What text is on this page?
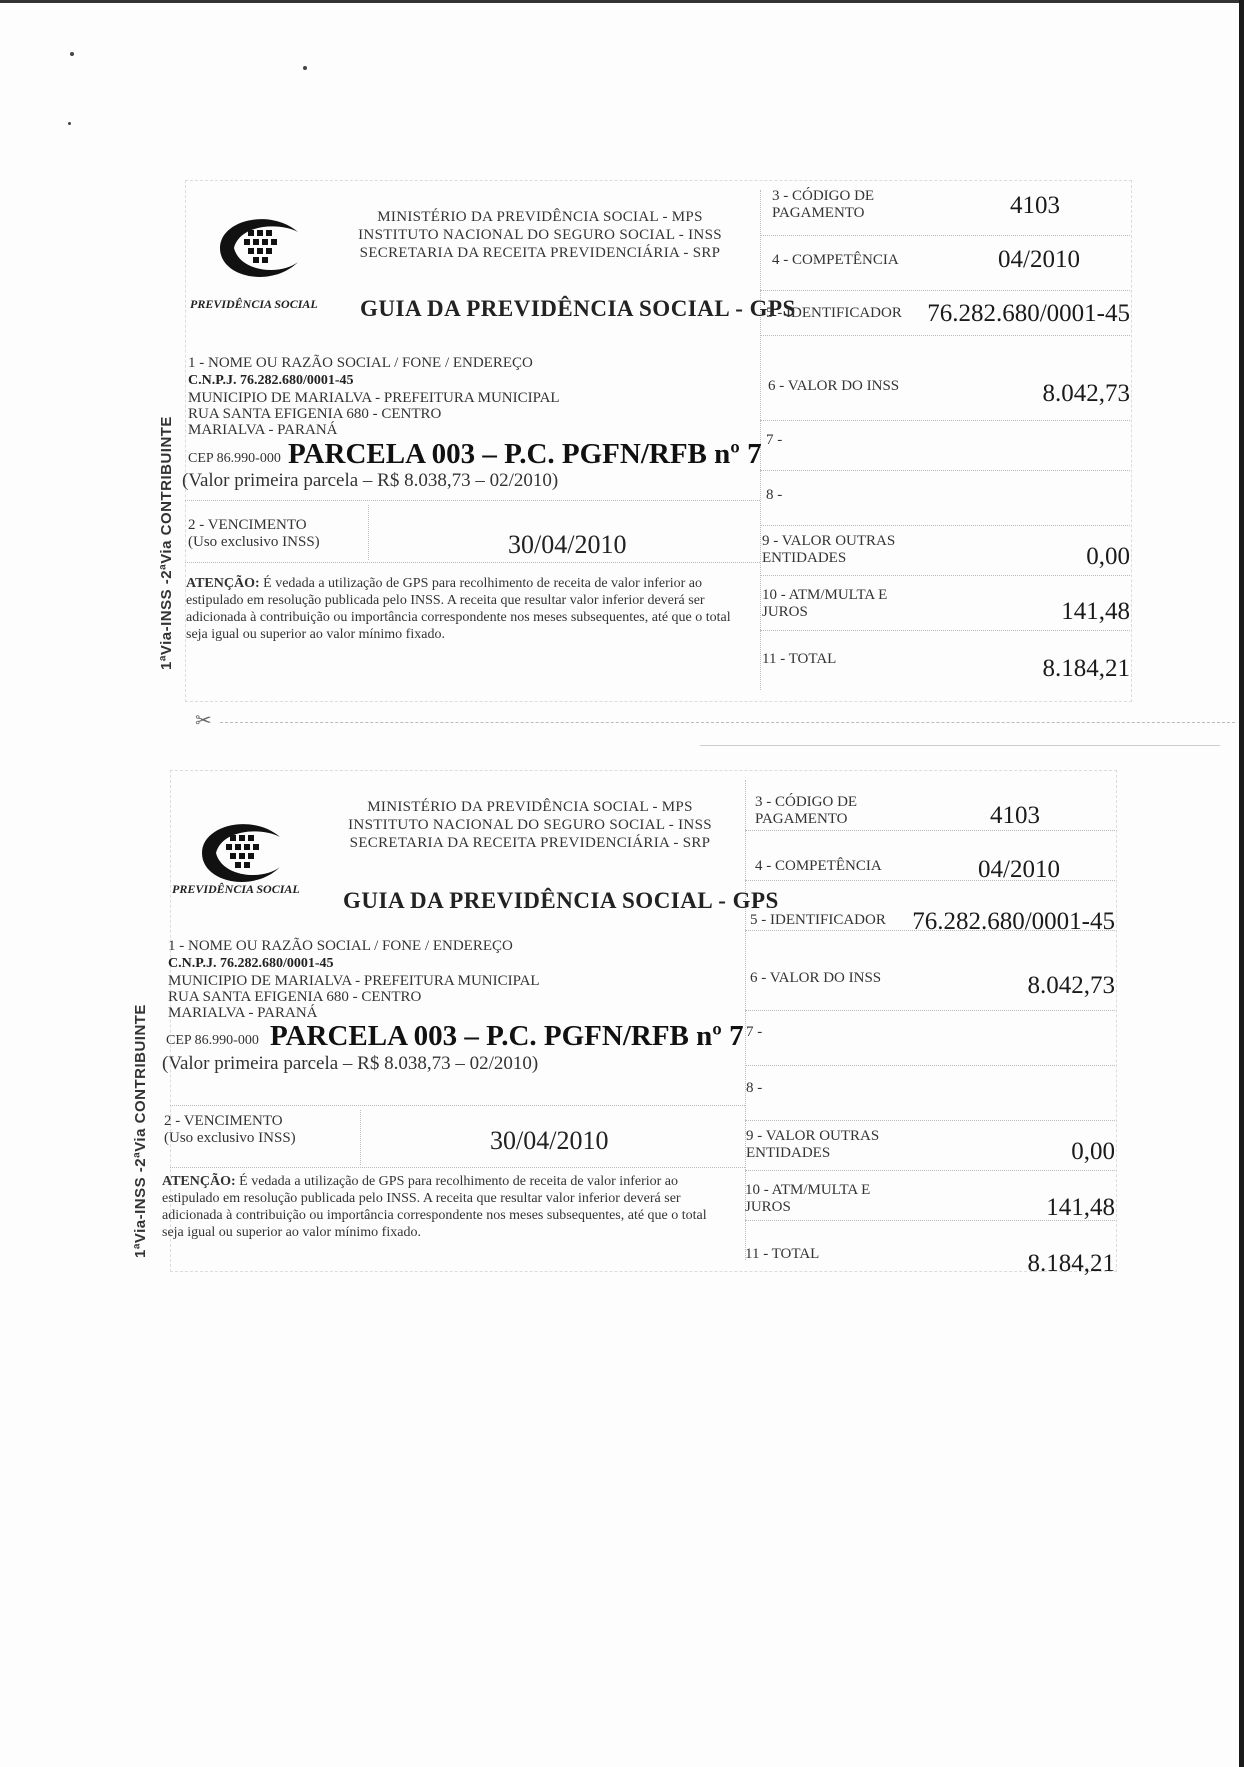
1ªVia-INSS -2ªVia CONTRIBUINTE
PREVIDÊNCIA SOCIAL
MINISTÉRIO DA PREVIDÊNCIA SOCIAL - MPS
INSTITUTO NACIONAL DO SEGURO SOCIAL - INSS
SECRETARIA DA RECEITA PREVIDENCIÁRIA - SRP
GUIA DA PREVIDÊNCIA SOCIAL - GPS
1 - NOME OU RAZÃO SOCIAL / FONE / ENDEREÇO
C.N.P.J. 76.282.680/0001-45
MUNICIPIO DE MARIALVA - PREFEITURA MUNICIPAL
RUA SANTA EFIGENIA 680 - CENTRO
MARIALVA - PARANÁ
CEP 86.990-000 PARCELA 003 – P.C. PGFN/RFB nº 7
(Valor primeira parcela – R$ 8.038,73 – 02/2010)
2 - VENCIMENTO
(Uso exclusivo INSS)	30/04/2010
ATENÇÃO: É vedada a utilização de GPS para recolhimento de receita de valor inferior ao estipulado em resolução publicada pelo INSS. A receita que resultar valor inferior deverá ser adicionada à contribuição ou importância correspondente nos meses subsequentes, até que o total seja igual ou superior ao valor mínimo fixado.
3 - CÓDIGO DE PAGAMENTO	4103
4 - COMPETÊNCIA	04/2010
5 - IDENTIFICADOR	76.282.680/0001-45
6 - VALOR DO INSS	8.042,73
7 -
8 -
9 - VALOR OUTRAS ENTIDADES	0,00
10 - ATM/MULTA E JUROS	141,48
11 - TOTAL	8.184,21
✂
1ªVia-INSS -2ªVia CONTRIBUINTE
PREVIDÊNCIA SOCIAL
MINISTÉRIO DA PREVIDÊNCIA SOCIAL - MPS
INSTITUTO NACIONAL DO SEGURO SOCIAL - INSS
SECRETARIA DA RECEITA PREVIDENCIÁRIA - SRP
GUIA DA PREVIDÊNCIA SOCIAL - GPS
1 - NOME OU RAZÃO SOCIAL / FONE / ENDEREÇO
C.N.P.J. 76.282.680/0001-45
MUNICIPIO DE MARIALVA - PREFEITURA MUNICIPAL
RUA SANTA EFIGENIA 680 - CENTRO
MARIALVA - PARANÁ
CEP 86.990-000 PARCELA 003 – P.C. PGFN/RFB nº 7
(Valor primeira parcela – R$ 8.038,73 – 02/2010)
2 - VENCIMENTO
(Uso exclusivo INSS)	30/04/2010
ATENÇÃO: É vedada a utilização de GPS para recolhimento de receita de valor inferior ao estipulado em resolução publicada pelo INSS. A receita que resultar valor inferior deverá ser adicionada à contribuição ou importância correspondente nos meses subsequentes, até que o total seja igual ou superior ao valor mínimo fixado.
3 - CÓDIGO DE PAGAMENTO	4103
4 - COMPETÊNCIA	04/2010
5 - IDENTIFICADOR	76.282.680/0001-45
6 - VALOR DO INSS	8.042,73
7 -
8 -
9 - VALOR OUTRAS ENTIDADES	0,00
10 - ATM/MULTA E JUROS	141,48
11 - TOTAL	8.184,21
